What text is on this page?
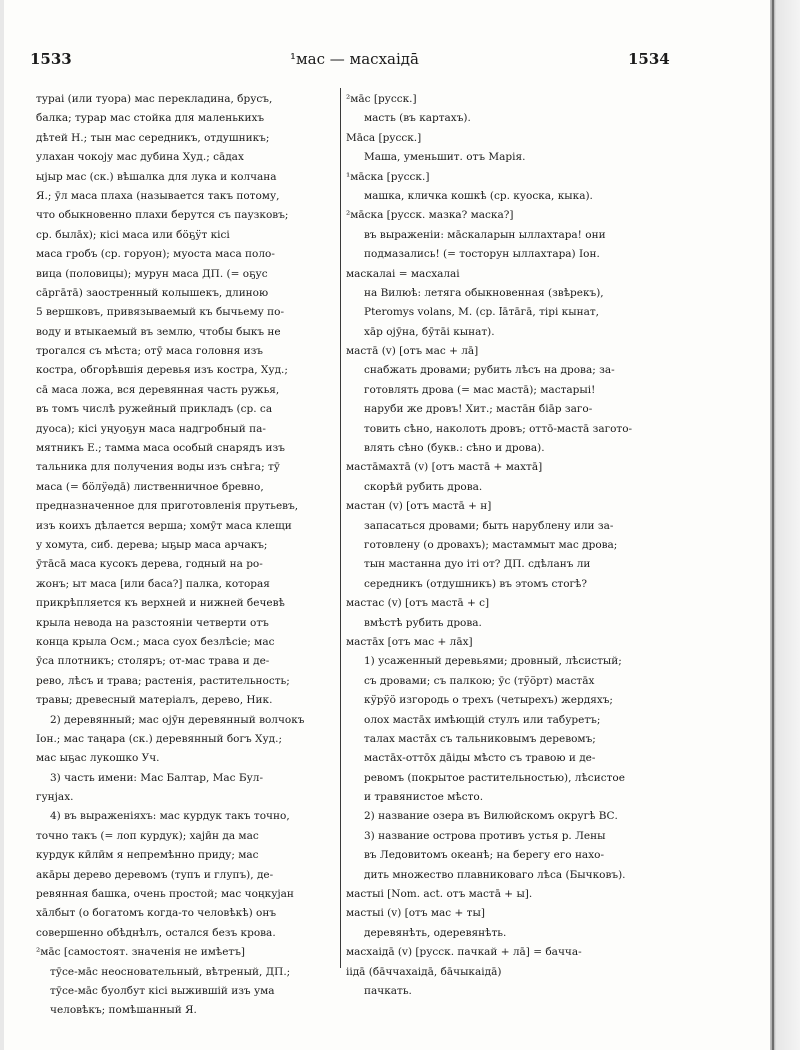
1533	¹мас — масхаідā	1534
тураі (или туора) мас перекладина, брусъ,
балка; турар мас стойка для маленькихъ
дѣтей Н.; тын мас середникъ, отдушникъ;
улахан чокоју мас дубина Худ.; сāдах
ыјыр мас (ск.) вѣшалка для лука и колчана
Я.; ӯл маса плаха (называется такъ потому,
что обыкновенно плахи берутся съ паузковъ;
ср. былāх); кісі маса или бӧҕӱт кісі
маса гробъ (ср. горуон); муоста маса поло-
вица (половицы); мурун маса ДП. (= оҕус
сāргāтā) заостренный колышекъ, длиною
5 вершковъ, привязываемый къ бычьему по-
воду и втыкаемый въ землю, чтобы быкъ не
трогался съ мѣста; отӯ маса головня изъ
костра, обгорѣвшія деревья изъ костра, Худ.;
сā маса ложа, вся деревянная часть ружья,
въ томъ числѣ ружейный прикладъ (ср. са
дуоса); кісі уңуоҕун маса надгробный па-
мятникъ Е.; тамма маса особый снарядъ изъ
тальника для получения воды изъ снѣга; тӯ
маса (= бӧлӱѳдā) лиственничное бревно,
предназначенное для приготовленія прутьевъ,
изъ коихъ дѣлается верша; хомӯт маса клещи
у хомута, сиб. дерева; ыҕыр маса арчакъ;
ӯтāсā маса кусокъ дерева, годный на ро-
жонъ; ыт маса [или баса?] палка, которая
прикрѣпляется къ верхней и нижней бечевѣ
крыла невода на разстояніи четверти отъ
конца крыла Осм.; маса суох безлѣсіе; мас
ӯса плотникъ; столяръ; от-мас трава и де-
рево, лѣсъ и трава; растенія, растительность;
травы; древесный матеріалъ, дерево, Ник.
2) деревянный; мас ојӯн деревянный волчокъ
Іон.; мас таңара (ск.) деревянный богъ Худ.;
мас ыҕас лукошко Уч.
3) часть имени: Мас Балтар, Мас Бул-
гунјах.
4) въ выраженіяхъ: мас курдук такъ точно,
точно такъ (= лоп курдук); хајӣн да мас
курдук кӣлӣм я непремѣнно приду; мас
акāры дерево деревомъ (тупъ и глупъ), де-
ревянная башка, очень простой; мас чоңкујан
хāлбыт (о богатомъ когда-то человѣкѣ) онъ
совершенно обѣднѣлъ, остался безъ крова.
²мāс [самостоят. значенія не имѣетъ]
тӯсе-мāс неосновательный, вѣтреный, ДП.;
тӯсе-мāс буолбут кісі выжившій изъ ума
человѣкъ; помѣшанный Я.
²мāс [русск.]
масть (въ картахъ).
Мāса [русск.]
Маша, уменьшит. отъ Марія.
¹мāска [русск.]
машка, кличка кошкѣ (ср. куоска, кыка).
²мāска [русск. мазка? маска?]
въ выраженіи: мāскаларын ыллахтара! они
подмазались! (= тосторун ыллахтара) Іон.
маскалаі = масхалаі
на Вилюѣ: летяга обыкновенная (звѣрекъ),
Pteromys volans, М. (ср. ӏāтāгā, тірі кынат,
хāр ојӯна, бӯтāі кынат).
мастā (v) [отъ мас + лā]
снабжать дровами; рубить лѣсъ на дрова; за-
готовлять дрова (= мас мастā); мастарыі!
наруби же дровъ! Хит.; мастāн біāр заго-
товить сѣно, наколоть дровъ; оттō-мастā загото-
влять сѣно (букв.: сѣно и дрова).
мастāмахтā (v) [отъ мастā + махтā]
скорѣй рубить дрова.
мастан (v) [отъ мастā + н]
запасаться дровами; быть нарублену или за-
готовлену (о дровахъ); мастаммыт мас дрова;
тын мастанна дуо іті от? ДП. сдѣланъ ли
середникъ (отдушникъ) въ этомъ стогѣ?
мастас (v) [отъ мастā + с]
вмѣстѣ рубить дрова.
мастāх [отъ мас + лāх]
1) усаженный деревьями; дровный, лѣсистый;
съ дровами; съ палкою; ӯс (тӱӧрт) мастāх
кӱрӱӧ изгородь о трехъ (четырехъ) жердяхъ;
олох мастāх имѣющій стулъ или табуретъ;
талах мастāх съ тальниковымъ деревомъ;
мастāх-оттōх дāіды мѣсто съ травою и де-
ревомъ (покрытое растительностью), лѣсистое
и травянистое мѣсто.
2) название озера въ Вилюйскомъ округѣ ВС.
3) название острова противъ устья р. Лены
въ Ледовитомъ океанѣ; на берегу его нахо-
дить множество плавниковаго лѣса (Бычковъ).
мастыі [Nom. act. отъ мастā + ы].
мастыі (v) [отъ мас + ты]
деревянѣть, одеревянѣть.
масхаідā (v) [русск. пачкай + лā] = бачча-
іідā (бāччахаідā, бāчыкаідā)
пачкать.
